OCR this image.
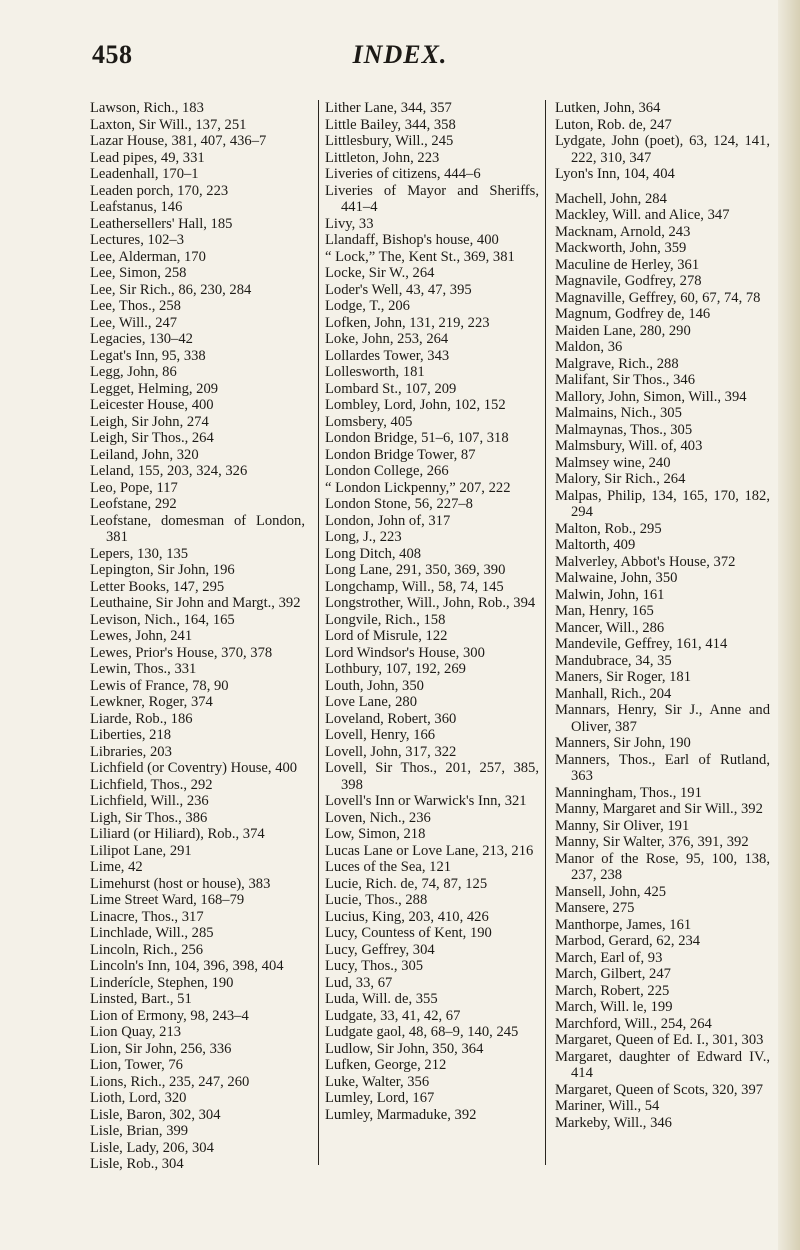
458	INDEX.
Lawson, Rich., 183
Laxton, Sir Will., 137, 251
Lazar House, 381, 407, 436–7
Lead pipes, 49, 331
Leadenhall, 170–1
Leaden porch, 170, 223
Leafstanus, 146
Leathersellers' Hall, 185
Lectures, 102–3
Lee, Alderman, 170
Lee, Simon, 258
Lee, Sir Rich., 86, 230, 284
Lee, Thos., 258
Lee, Will., 247
Legacies, 130–42
Legat's Inn, 95, 338
Legg, John, 86
Legget, Helming, 209
Leicester House, 400
Leigh, Sir John, 274
Leigh, Sir Thos., 264
Leiland, John, 320
Leland, 155, 203, 324, 326
Leo, Pope, 117
Leofstane, 292
Leofstane, domesman of London, 381
Lepers, 130, 135
Lepington, Sir John, 196
Letter Books, 147, 295
Leuthaine, Sir John and Margt., 392
Levison, Nich., 164, 165
Lewes, John, 241
Lewes, Prior's House, 370, 378
Lewin, Thos., 331
Lewis of France, 78, 90
Lewkner, Roger, 374
Liarde, Rob., 186
Liberties, 218
Libraries, 203
Lichfield (or Coventry) House, 400
Lichfield, Thos., 292
Lichfield, Will., 236
Ligh, Sir Thos., 386
Liliard (or Hiliard), Rob., 374
Lilipot Lane, 291
Lime, 42
Limehurst (host or house), 383
Lime Street Ward, 168–79
Linacre, Thos., 317
Linchlade, Will., 285
Lincoln, Rich., 256
Lincoln's Inn, 104, 396, 398, 404
Linderícle, Stephen, 190
Linsted, Bart., 51
Lion of Ermony, 98, 243–4
Lion Quay, 213
Lion, Sir John, 256, 336
Lion, Tower, 76
Lions, Rich., 235, 247, 260
Lioth, Lord, 320
Lisle, Baron, 302, 304
Lisle, Brian, 399
Lisle, Lady, 206, 304
Lisle, Rob., 304
Lither Lane, 344, 357
Little Bailey, 344, 358
Littlesbury, Will., 245
Littleton, John, 223
Liveries of citizens, 444–6
Liveries of Mayor and Sheriffs, 441–4
Livy, 33
Llandaff, Bishop's house, 400
“ Lock,” The, Kent St., 369, 381
Locke, Sir W., 264
Loder's Well, 43, 47, 395
Lodge, T., 206
Lofken, John, 131, 219, 223
Loke, John, 253, 264
Lollardes Tower, 343
Lollesworth, 181
Lombard St., 107, 209
Lombley, Lord, John, 102, 152
Lomsbery, 405
London Bridge, 51–6, 107, 318
London Bridge Tower, 87
London College, 266
“ London Lickpenny,” 207, 222
London Stone, 56, 227–8
London, John of, 317
Long, J., 223
Long Ditch, 408
Long Lane, 291, 350, 369, 390
Longchamp, Will., 58, 74, 145
Longstrother, Will., John, Rob., 394
Longvile, Rich., 158
Lord of Misrule, 122
Lord Windsor's House, 300
Lothbury, 107, 192, 269
Louth, John, 350
Love Lane, 280
Loveland, Robert, 360
Lovell, Henry, 166
Lovell, John, 317, 322
Lovell, Sir Thos., 201, 257, 385, 398
Lovell's Inn or Warwick's Inn, 321
Loven, Nich., 236
Low, Simon, 218
Lucas Lane or Love Lane, 213, 216
Luces of the Sea, 121
Lucie, Rich. de, 74, 87, 125
Lucie, Thos., 288
Lucius, King, 203, 410, 426
Lucy, Countess of Kent, 190
Lucy, Geffrey, 304
Lucy, Thos., 305
Lud, 33, 67
Luda, Will. de, 355
Ludgate, 33, 41, 42, 67
Ludgate gaol, 48, 68–9, 140, 245
Ludlow, Sir John, 350, 364
Lufken, George, 212
Luke, Walter, 356
Lumley, Lord, 167
Lumley, Marmaduke, 392
Lutken, John, 364
Luton, Rob. de, 247
Lydgate, John (poet), 63, 124, 141, 222, 310, 347
Lyon's Inn, 104, 404
Machell, John, 284
Mackley, Will. and Alice, 347
Macknam, Arnold, 243
Mackworth, John, 359
Maculine de Herley, 361
Magnavile, Godfrey, 278
Magnaville, Geffrey, 60, 67, 74, 78
Magnum, Godfrey de, 146
Maiden Lane, 280, 290
Maldon, 36
Malgrave, Rich., 288
Malifant, Sir Thos., 346
Mallory, John, Simon, Will., 394
Malmains, Nich., 305
Malmaynas, Thos., 305
Malmsbury, Will. of, 403
Malmsey wine, 240
Malory, Sir Rich., 264
Malpas, Philip, 134, 165, 170, 182, 294
Malton, Rob., 295
Maltorth, 409
Malverley, Abbot's House, 372
Malwaine, John, 350
Malwin, John, 161
Man, Henry, 165
Mancer, Will., 286
Mandevile, Geffrey, 161, 414
Mandubrace, 34, 35
Maners, Sir Roger, 181
Manhall, Rich., 204
Mannars, Henry, Sir J., Anne and Oliver, 387
Manners, Sir John, 190
Manners, Thos., Earl of Rutland, 363
Manningham, Thos., 191
Manny, Margaret and Sir Will., 392
Manny, Sir Oliver, 191
Manny, Sir Walter, 376, 391, 392
Manor of the Rose, 95, 100, 138, 237, 238
Mansell, John, 425
Mansere, 275
Manthorpe, James, 161
Marbod, Gerard, 62, 234
March, Earl of, 93
March, Gilbert, 247
March, Robert, 225
March, Will. le, 199
Marchford, Will., 254, 264
Margaret, Queen of Ed. I., 301, 303
Margaret, daughter of Edward IV., 414
Margaret, Queen of Scots, 320, 397
Mariner, Will., 54
Markeby, Will., 346
